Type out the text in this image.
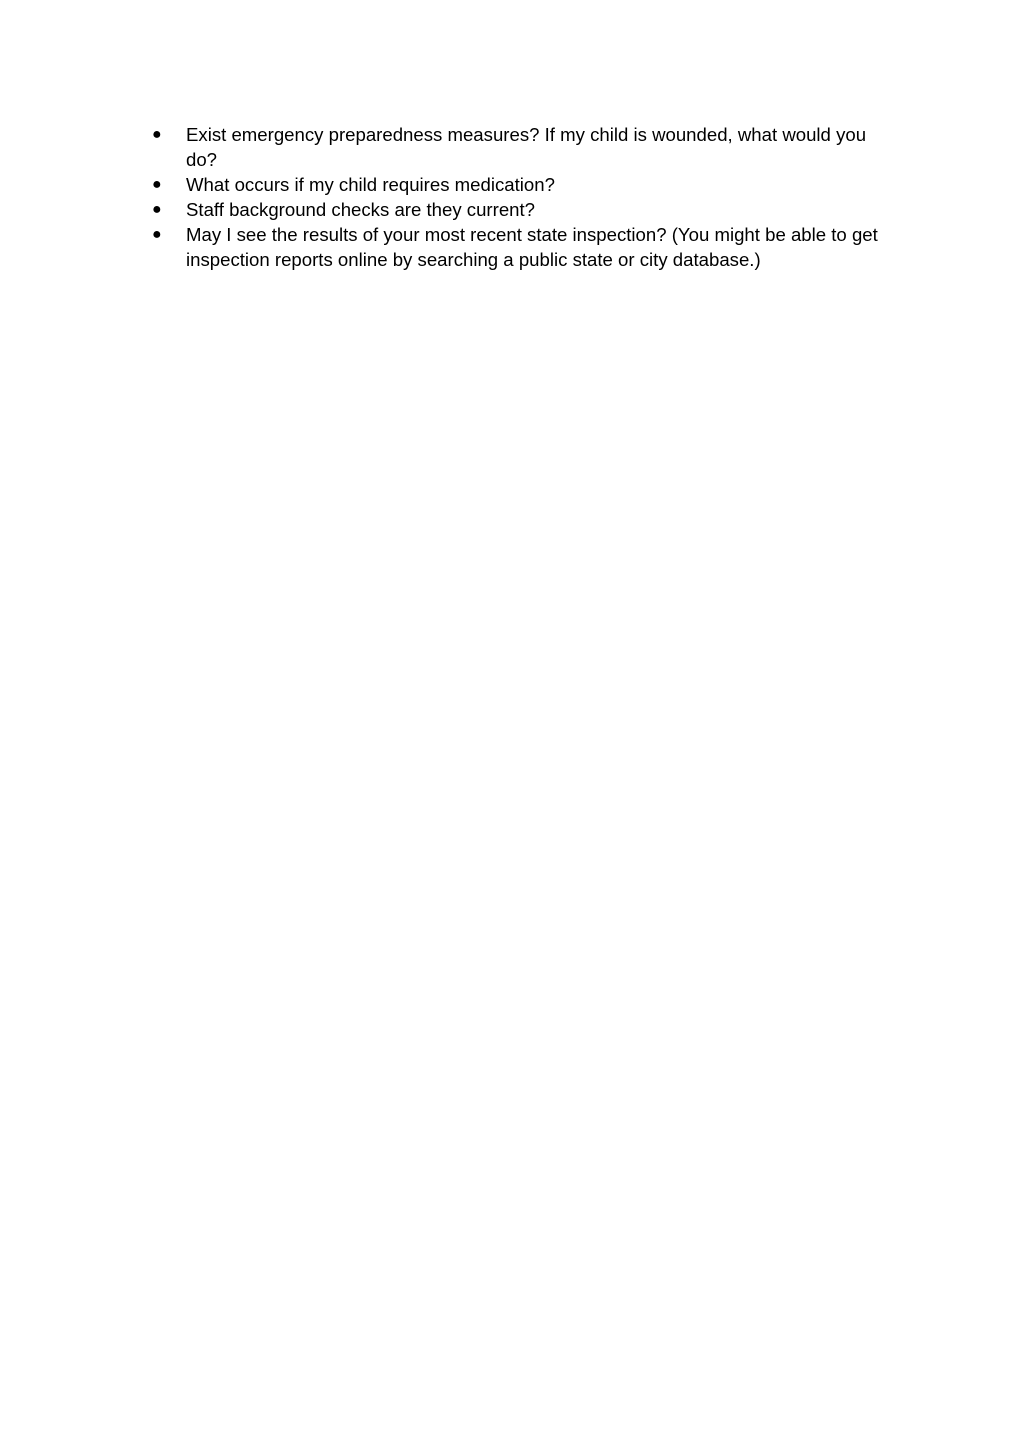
●	Exist emergency preparedness measures? If my child is wounded, what would you do?
●	What occurs if my child requires medication?
●	Staff background checks are they current?
●	May I see the results of your most recent state inspection? (You might be able to get inspection reports online by searching a public state or city database.)
